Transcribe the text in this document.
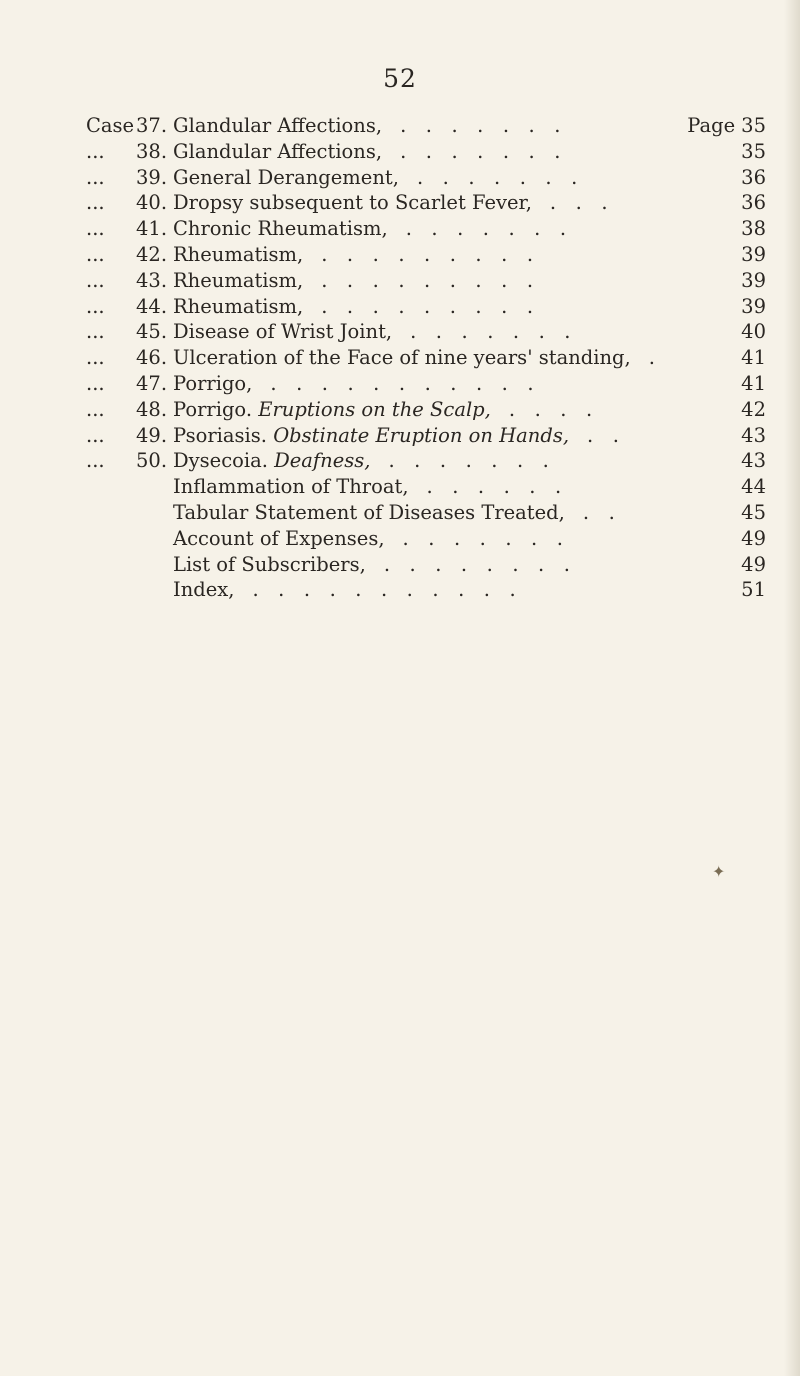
52
Case37. Glandular Affections,	Page 35
. . . . . . .
... 38. Glandular Affections,	35
. . . . . . .
... 39. General Derangement,	36
. . . . . . .
... 40. Dropsy subsequent to Scarlet Fever,	36
. . .
... 41. Chronic Rheumatism,	38
. . . . . . .
... 42. Rheumatism,	39
. . . . . . . . .
... 43. Rheumatism,	39
. . . . . . . . .
... 44. Rheumatism,	39
. . . . . . . . .
... 45. Disease of Wrist Joint,	40
. . . . . . .
... 46. Ulceration of the Face of nine years' standing,	41
.
... 47. Porrigo,	41
. . . . . . . . . . .
... 48. Porrigo. Eruptions on the Scalp,	42
. . . .
... 49. Psoriasis. Obstinate Eruption on Hands,	43
. .
... 50. Dysecoia. Deafness,	43
. . . . . . .
Inflammation of Throat,	44
. . . . . .
Tabular Statement of Diseases Treated,	45
. .
Account of Expenses,	49
. . . . . . .
List of Subscribers,	49
. . . . . . . .
Index,	51
. . . . . . . . . . .
✦
